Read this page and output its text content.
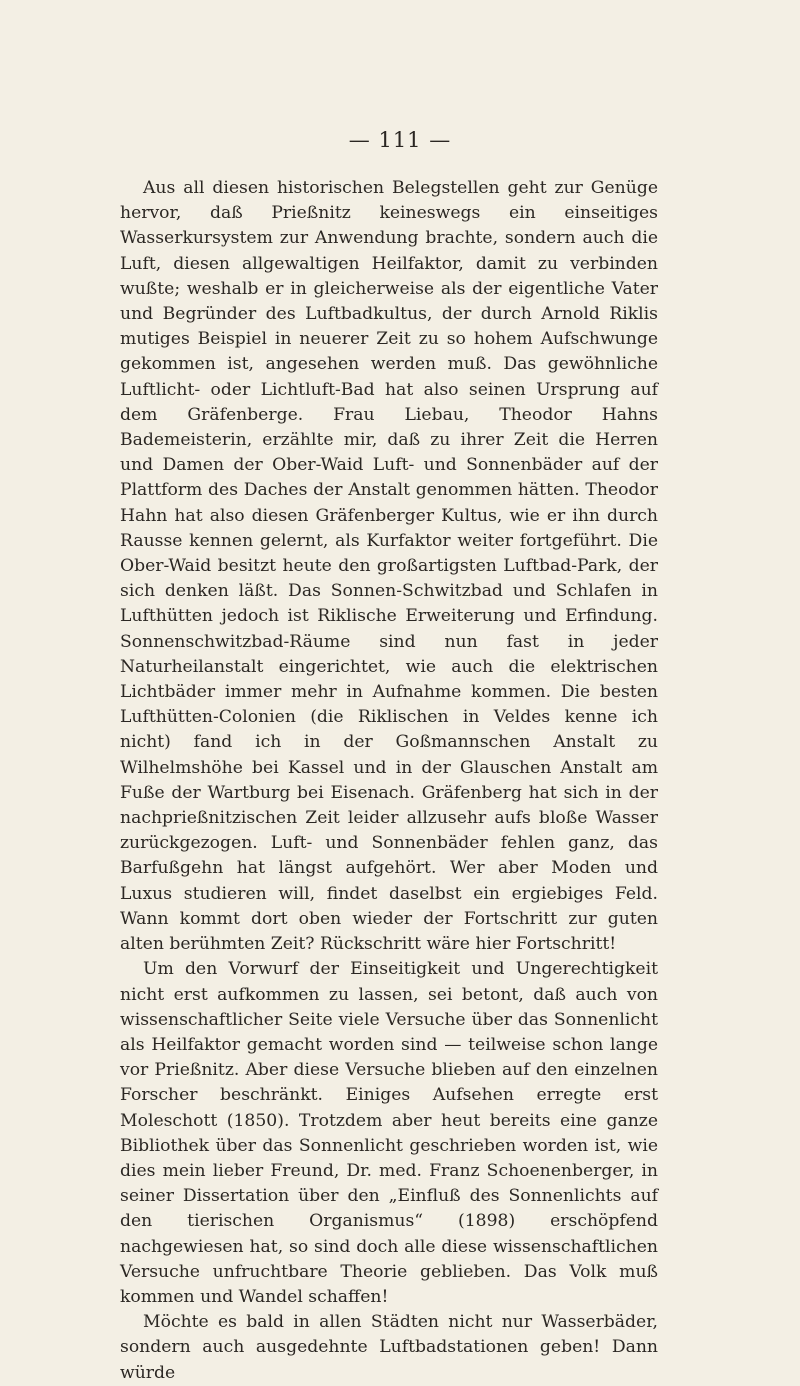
— 111 —

Aus all diesen historischen Belegstellen geht zur Genüge hervor, daß Prießnitz keineswegs ein einseitiges Wasserkursystem zur Anwendung brachte, sondern auch die Luft, diesen allgewaltigen Heilfaktor, damit zu verbinden wußte; weshalb er in gleicherweise als der eigentliche Vater und Begründer des Luftbadkultus, der durch Arnold Riklis mutiges Beispiel in neuerer Zeit zu so hohem Aufschwunge gekommen ist, angesehen werden muß. Das gewöhnliche Luftlicht- oder Lichtluft-Bad hat also seinen Ursprung auf dem Gräfenberge. Frau Liebau, Theodor Hahns Bademeisterin, erzählte mir, daß zu ihrer Zeit die Herren und Damen der Ober-Waid Luft- und Sonnenbäder auf der Plattform des Daches der Anstalt genommen hätten. Theodor Hahn hat also diesen Gräfenberger Kultus, wie er ihn durch Rausse kennen gelernt, als Kurfaktor weiter fortgeführt. Die Ober-Waid besitzt heute den großartigsten Luftbad-Park, der sich denken läßt. Das Sonnen-Schwitzbad und Schlafen in Lufthütten jedoch ist Riklische Erweiterung und Erfindung. Sonnenschwitzbad-Räume sind nun fast in jeder Naturheilanstalt eingerichtet, wie auch die elektrischen Lichtbäder immer mehr in Aufnahme kommen. Die besten Lufthütten-Colonien (die Riklischen in Veldes kenne ich nicht) fand ich in der Goßmannschen Anstalt zu Wilhelmshöhe bei Kassel und in der Glauschen Anstalt am Fuße der Wartburg bei Eisenach. Gräfenberg hat sich in der nachprießnitzischen Zeit leider allzusehr aufs bloße Wasser zurückgezogen. Luft- und Sonnenbäder fehlen ganz, das Barfußgehn hat längst aufgehört. Wer aber Moden und Luxus studieren will, findet daselbst ein ergiebiges Feld. Wann kommt dort oben wieder der Fortschritt zur guten alten berühmten Zeit? Rückschritt wäre hier Fortschritt!

Um den Vorwurf der Einseitigkeit und Ungerechtigkeit nicht erst aufkommen zu lassen, sei betont, daß auch von wissenschaftlicher Seite viele Versuche über das Sonnenlicht als Heilfaktor gemacht worden sind — teilweise schon lange vor Prießnitz. Aber diese Versuche blieben auf den einzelnen Forscher beschränkt. Einiges Aufsehen erregte erst Moleschott (1850). Trotzdem aber heut bereits eine ganze Bibliothek über das Sonnenlicht geschrieben worden ist, wie dies mein lieber Freund, Dr. med. Franz Schoenenberger, in seiner Dissertation über den „Einfluß des Sonnenlichts auf den tierischen Organismus“ (1898) erschöpfend nachgewiesen hat, so sind doch alle diese wissenschaftlichen Versuche unfruchtbare Theorie geblieben. Das Volk muß kommen und Wandel schaffen!

Möchte es bald in allen Städten nicht nur Wasserbäder, sondern auch ausgedehnte Luftbadstationen geben! Dann würde
